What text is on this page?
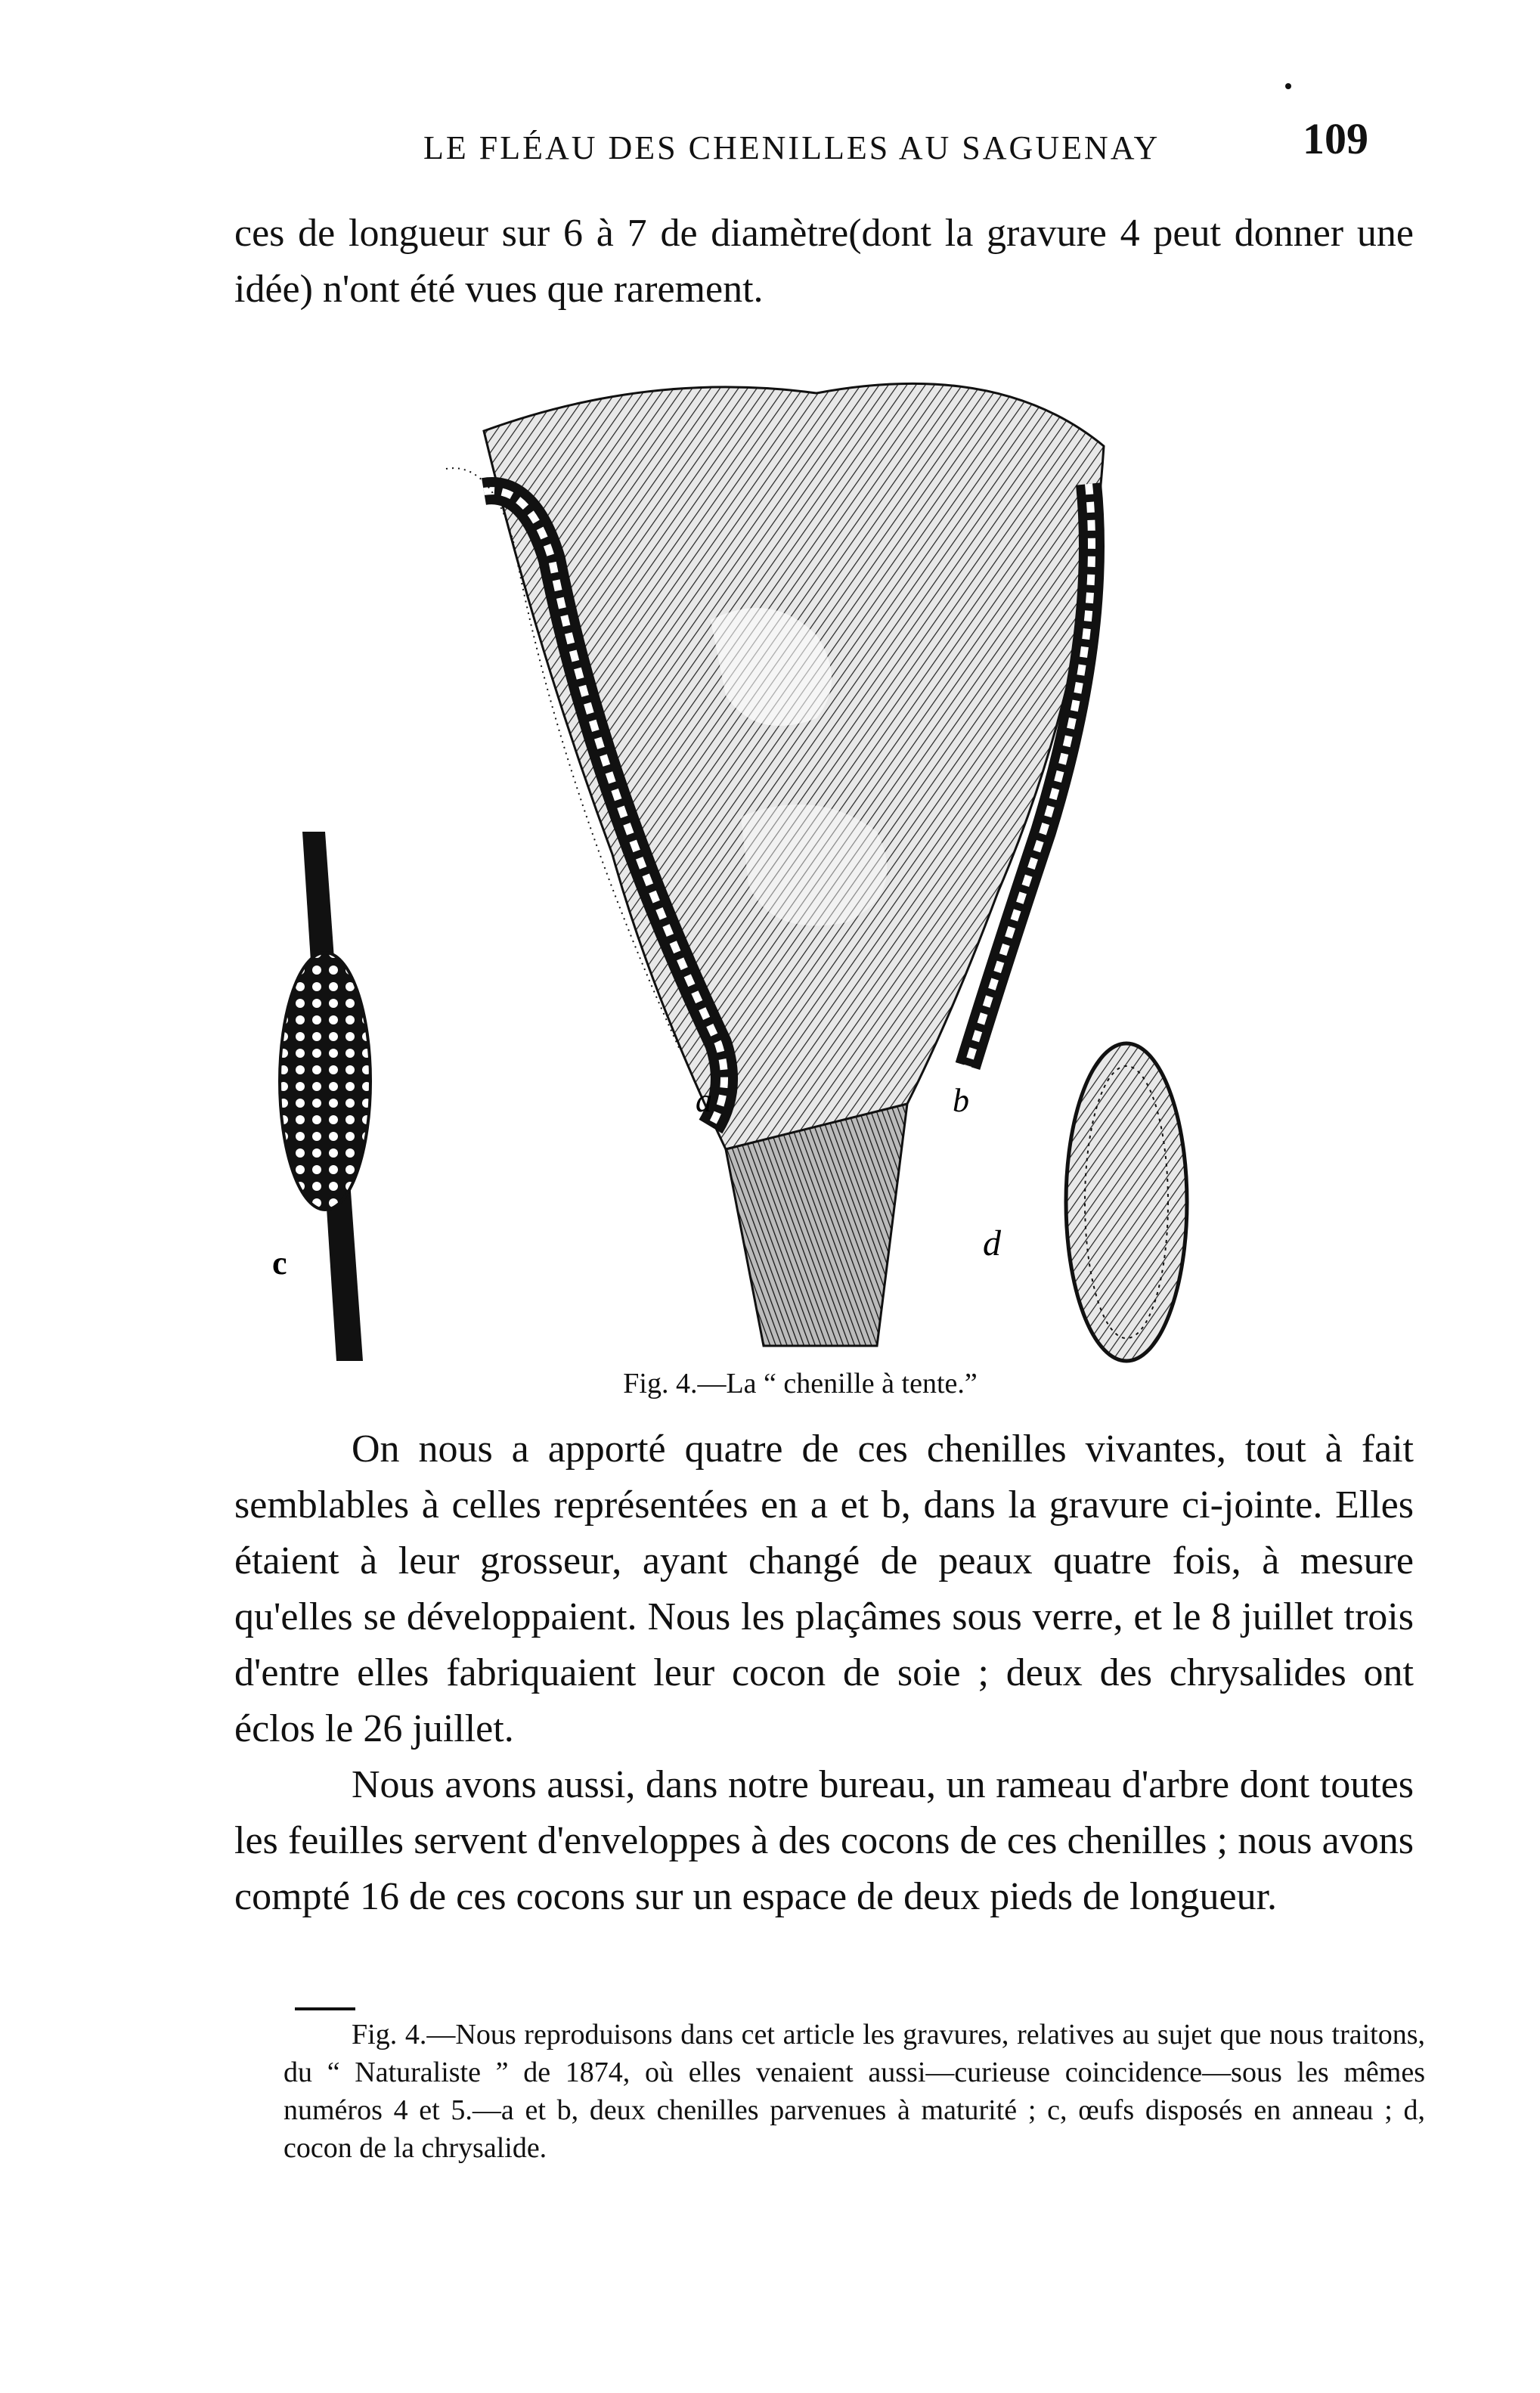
LE FLÉAU DES CHENILLES AU SAGUENAY	109

ces de longueur sur 6 à 7 de diamètre(dont la gravure 4 peut donner une idée) n'ont été vues que rarement.

a	b
c	d
Fig. 4.—La “ chenille à tente.”

On nous a apporté quatre de ces chenilles vivantes, tout à fait semblables à celles représentées en a et b, dans la gravure ci-jointe. Elles étaient à leur grosseur, ayant changé de peaux quatre fois, à mesure qu'elles se développaient. Nous les plaçâmes sous verre, et le 8 juillet trois d'entre elles fabriquaient leur cocon de soie ; deux des chrysalides ont éclos le 26 juillet.

Nous avons aussi, dans notre bureau, un rameau d'arbre dont toutes les feuilles servent d'enveloppes à des cocons de ces chenilles ; nous avons compté 16 de ces cocons sur un espace de deux pieds de longueur.

Fig. 4.—Nous reproduisons dans cet article les gravures, relatives au sujet que nous traitons, du “ Naturaliste ” de 1874, où elles venaient aussi—curieuse coincidence—sous les mêmes numéros 4 et 5.—a et b, deux chenilles parvenues à maturité ; c, œufs disposés en anneau ; d, cocon de la chrysalide.
